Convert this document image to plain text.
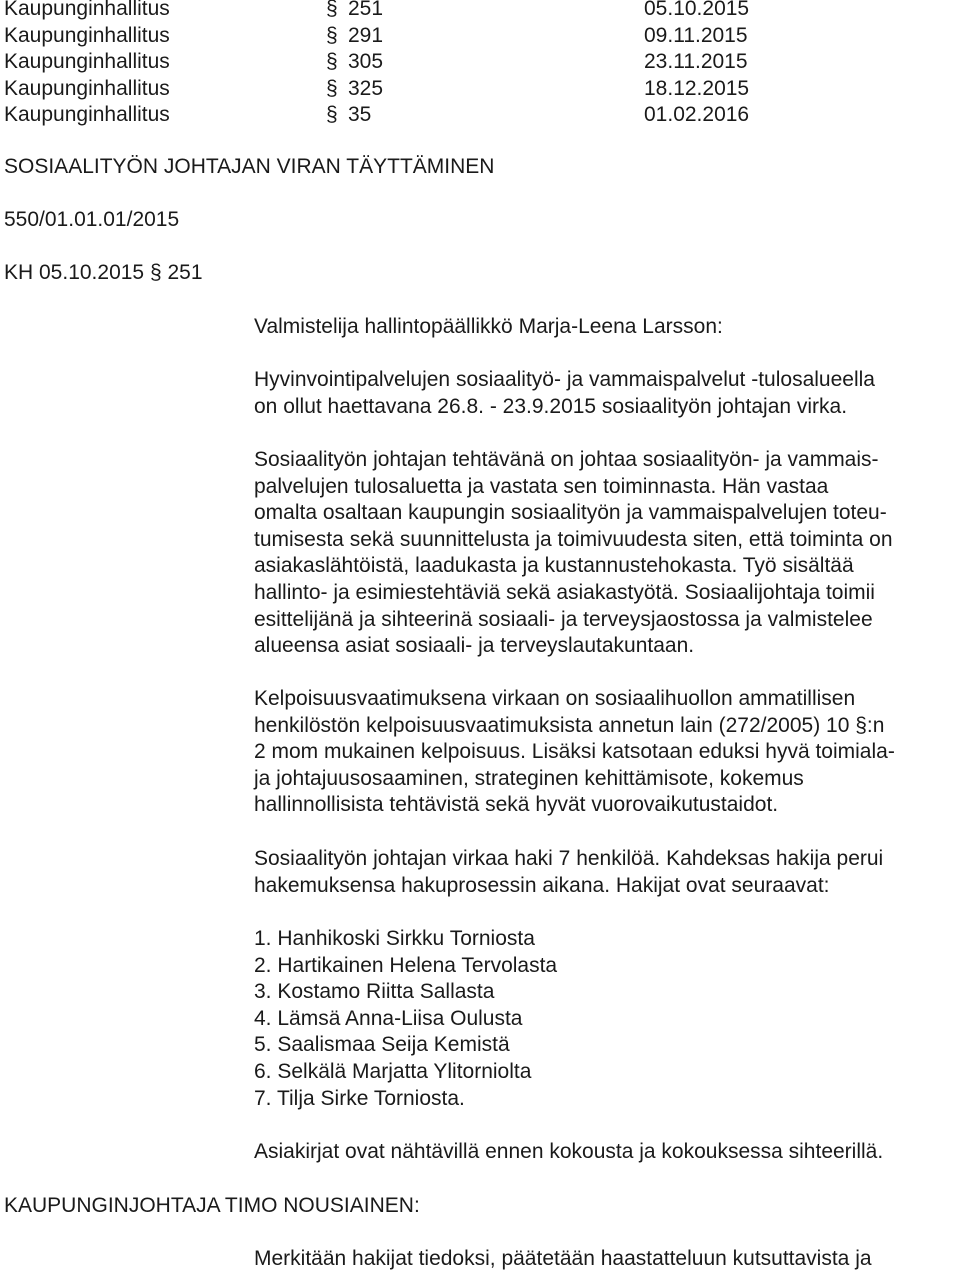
Kaupunginhallitus	§ 251	05.10.2015
Kaupunginhallitus	§ 291	09.11.2015
Kaupunginhallitus	§ 305	23.11.2015
Kaupunginhallitus	§ 325	18.12.2015
Kaupunginhallitus	§ 35	01.02.2016
SOSIAALITYÖN JOHTAJAN VIRAN TÄYTTÄMINEN
550/01.01.01/2015
KH 05.10.2015 § 251

Valmistelija hallintopäällikkö Marja-Leena Larsson:

Hyvinvointipalvelujen sosiaalityö- ja vammaispalvelut -tulosalueella

on ollut haettavana 26.8. - 23.9.2015 sosiaalityön johtajan virka.

Sosiaalityön johtajan tehtävänä on johtaa sosiaalityön- ja vammais-

palvelujen tulosaluetta ja vastata sen toiminnasta. Hän vastaa

omalta osaltaan kaupungin sosiaalityön ja vammaispalvelujen toteu-

tumisesta sekä suunnittelusta ja toimivuudesta siten, että toiminta on

asiakaslähtöistä, laadukasta ja kustannustehokasta. Työ sisältää

hallinto- ja esimiestehtäviä sekä asiakastyötä. Sosiaalijohtaja toimii

esittelijänä ja sihteerinä sosiaali- ja terveysjaostossa ja valmistelee

alueensa asiat sosiaali- ja terveyslautakuntaan.

Kelpoisuusvaatimuksena virkaan on sosiaalihuollon ammatillisen

henkilöstön kelpoisuusvaatimuksista annetun lain (272/2005) 10 §:n

2 mom mukainen kelpoisuus. Lisäksi katsotaan eduksi hyvä toimiala-

ja johtajuusosaaminen, strateginen kehittämisote, kokemus

hallinnollisista tehtävistä sekä hyvät vuorovaikutustaidot.

Sosiaalityön johtajan virkaa haki 7 henkilöä. Kahdeksas hakija perui

hakemuksensa hakuprosessin aikana. Hakijat ovat seuraavat:

1. Hanhikoski Sirkku Torniosta
2. Hartikainen Helena Tervolasta
3. Kostamo Riitta Sallasta
4. Lämsä Anna-Liisa Oulusta
5. Saalismaa Seija Kemistä
6. Selkälä Marjatta Ylitorniolta
7. Tilja Sirke Torniosta.

Asiakirjat ovat nähtävillä ennen kokousta ja kokouksessa sihteerillä.

KAUPUNGINJOHTAJA TIMO NOUSIAINEN:

Merkitään hakijat tiedoksi, päätetään haastatteluun kutsuttavista ja
